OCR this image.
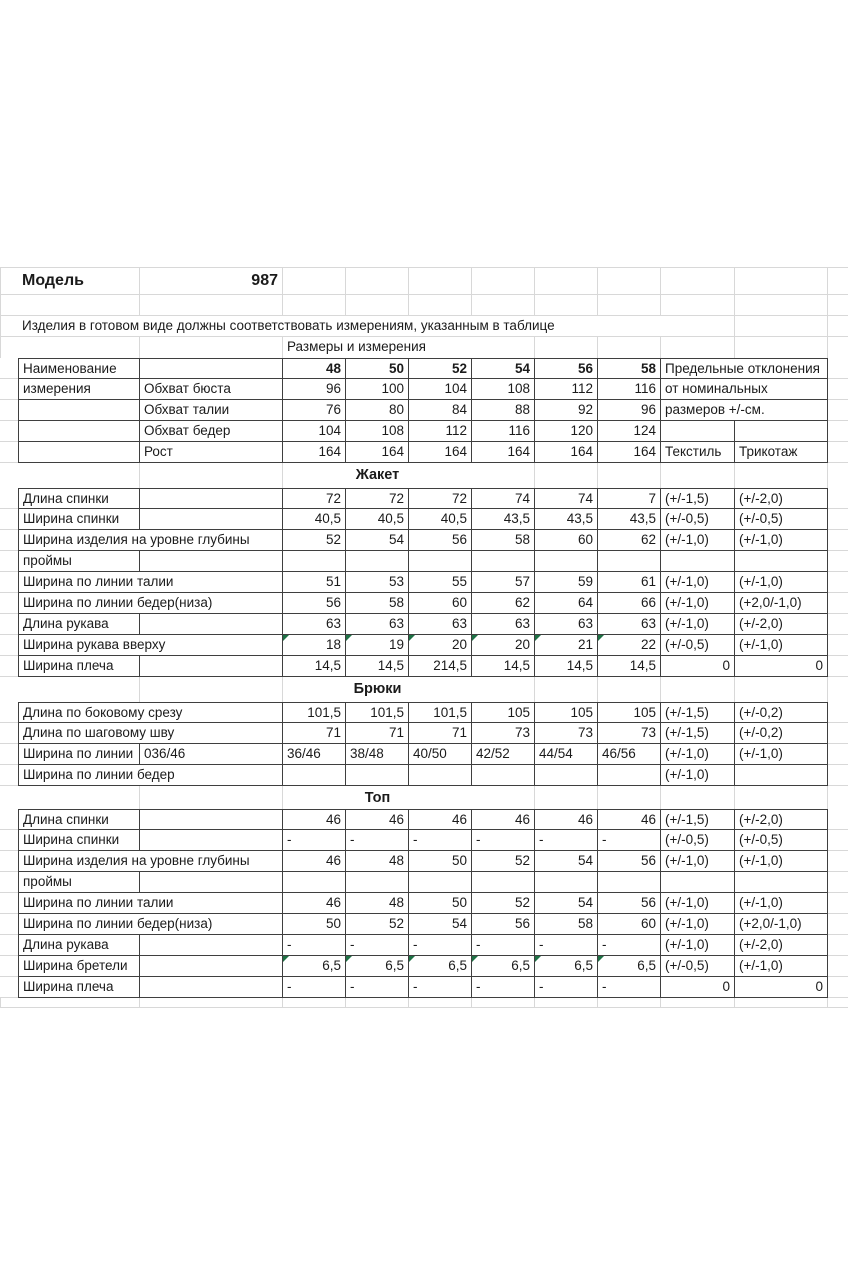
Модель	987
Изделия в готовом виде должны соответствовать измерениям, указанным в таблице
Размеры и измерения
Наименование	48	50	52	54	56	58 Предельные отклонения
измерения	Обхват бюста	96	100	104	108	112	116 от номинальных
Обхват талии	76	80	84	88	92	96 размеров +/-см.
Обхват бедер	104	108	112	116	120	124
Рост	164	164	164	164	164	164 Текстиль	Трикотаж
Жакет
Длина спинки	72	72	72	74	74	7 (+/-1,5)	(+/-2,0)
Ширина спинки	40,5	40,5	40,5	43,5	43,5	43,5 (+/-0,5)	(+/-0,5)
Ширина изделия на уровне глубины	52	54	56	58	60	62 (+/-1,0)	(+/-1,0)
проймы
Ширина по линии талии	51	53	55	57	59	61 (+/-1,0)	(+/-1,0)
Ширина по линии бедер(низа)	56	58	60	62	64	66 (+/-1,0)	(+2,0/-1,0)
Длина рукава	63	63	63	63	63	63 (+/-1,0)	(+/-2,0)
Ширина рукава вверху	18	19	20	20	21	22 (+/-0,5)	(+/-1,0)
Ширина плеча	14,5	14,5	214,5	14,5	14,5	14,5	0	0
Брюки
Длина по боковому срезу	101,5	101,5	101,5	105	105	105 (+/-1,5)	(+/-0,2)
Длина по шаговому шву	71	71	71	73	73	73 (+/-1,5)	(+/-0,2)
Ширина по линии 036/46	36/46	38/48	40/50	42/52	44/54	46/56	(+/-1,0)	(+/-1,0)
Ширина по линии бедер	(+/-1,0)
Топ
Длина спинки	46	46	46	46	46	46 (+/-1,5)	(+/-2,0)
Ширина спинки	-	-	-	-	-	-	(+/-0,5)	(+/-0,5)
Ширина изделия на уровне глубины	46	48	50	52	54	56 (+/-1,0)	(+/-1,0)
проймы
Ширина по линии талии	46	48	50	52	54	56 (+/-1,0)	(+/-1,0)
Ширина по линии бедер(низа)	50	52	54	56	58	60 (+/-1,0)	(+2,0/-1,0)
Длина рукава	-	-	-	-	-	-	(+/-1,0)	(+/-2,0)
Ширина бретели	6,5	6,5	6,5	6,5	6,5	6,5 (+/-0,5)	(+/-1,0)
Ширина плеча	-	-	-	-	-	-	0	0
